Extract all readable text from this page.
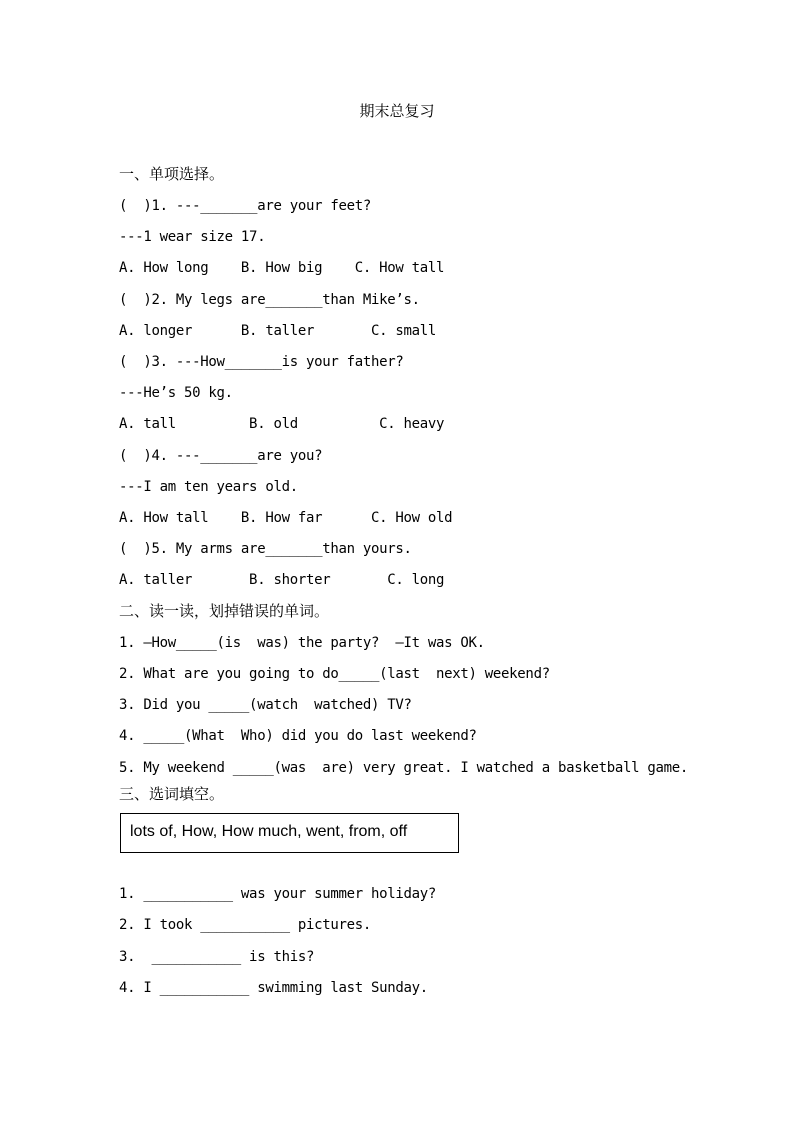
期末总复习
一、单项选择。
(  )1. ---_______are your feet?
---1 wear size 17.
A. How long    B. How big    C. How tall
(  )2. My legs are_______than Mike’s.
A. longer      B. taller       C. small
(  )3. ---How_______is your father?
---He’s 50 kg.
A. tall         B. old          C. heavy
(  )4. ---_______are you?
---I am ten years old.
A. How tall    B. How far      C. How old
(  )5. My arms are_______than yours.
A. taller       B. shorter       C. long
二、读一读，划掉错误的单词。
1. —How_____(is  was) the party?  —It was OK.
2. What are you going to do_____(last  next) weekend?
3. Did you _____(watch  watched) TV?
4. _____(What  Who) did you do last weekend?
5. My weekend _____(was  are) very great. I watched a basketball game.
三、选词填空。
lots of, How, How much, went, from, off
1. ___________ was your summer holiday?
2. I took ___________ pictures.
3.  ___________ is this?
4. I ___________ swimming last Sunday.
